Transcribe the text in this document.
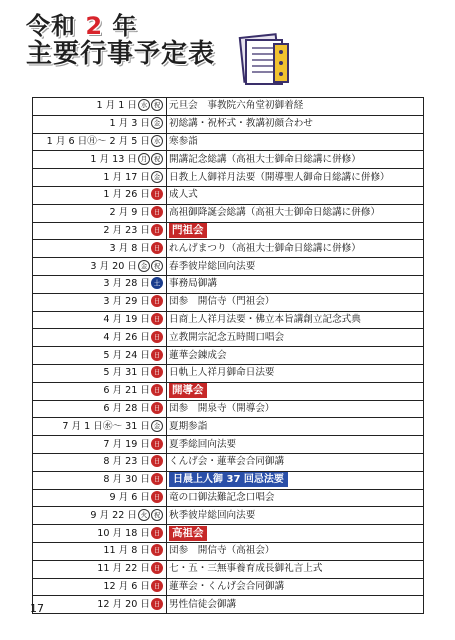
令和 2 年
主要行事予定表
1 月 1 日 水 祝	元旦会　事教院六角堂初御着経
1 月 3 日 金	初総講・祝杯式・教講初顔合わせ
1 月 6 日㊊～ 2 月 5 日 水	寒参詣
1 月 13 日 月 祝	開講記念総講（高祖大士御命日総講に併修）
1 月 17 日 金	日教上人御祥月法要（開導聖人御命日総講に併修）
1 月 26 日 日	成人式
2 月 9 日 日	高祖御降誕会総講（高祖大士御命日総講に併修）
2 月 23 日 日	門祖会
3 月 8 日 日	れんげまつり（高祖大士御命日総講に併修）
3 月 20 日 金 祝	春季彼岸総回向法要
3 月 28 日 土	事務局御講
3 月 29 日 日	団参　開信寺（門祖会）
4 月 19 日 日	日商上人祥月法要・佛立本旨講創立記念式典
4 月 26 日 日	立教開宗記念五時間口唱会
5 月 24 日 日	蓮華会錬成会
5 月 31 日 日	日軌上人祥月御命日法要
6 月 21 日 日	開導会
6 月 28 日 日	団参　開泉寺（開導会）
7 月 1 日㊌～ 31 日 金	夏期参詣
7 月 19 日 日	夏季総回向法要
8 月 23 日 日	くんげ会・蓮華会合同御講
8 月 30 日 日	日晨上人御 37 回忌法要
9 月 6 日 日	竜の口御法難記念口唱会
9 月 22 日 火 祝	秋季彼岸総回向法要
10 月 18 日 日	高祖会
11 月 8 日 日	団参　開信寺（高祖会）
11 月 22 日 日	七・五・三無事養育成長御礼言上式
12 月 6 日 日	蓮華会・くんげ会合同御講
12 月 20 日 日	男性信徒会御講
17
